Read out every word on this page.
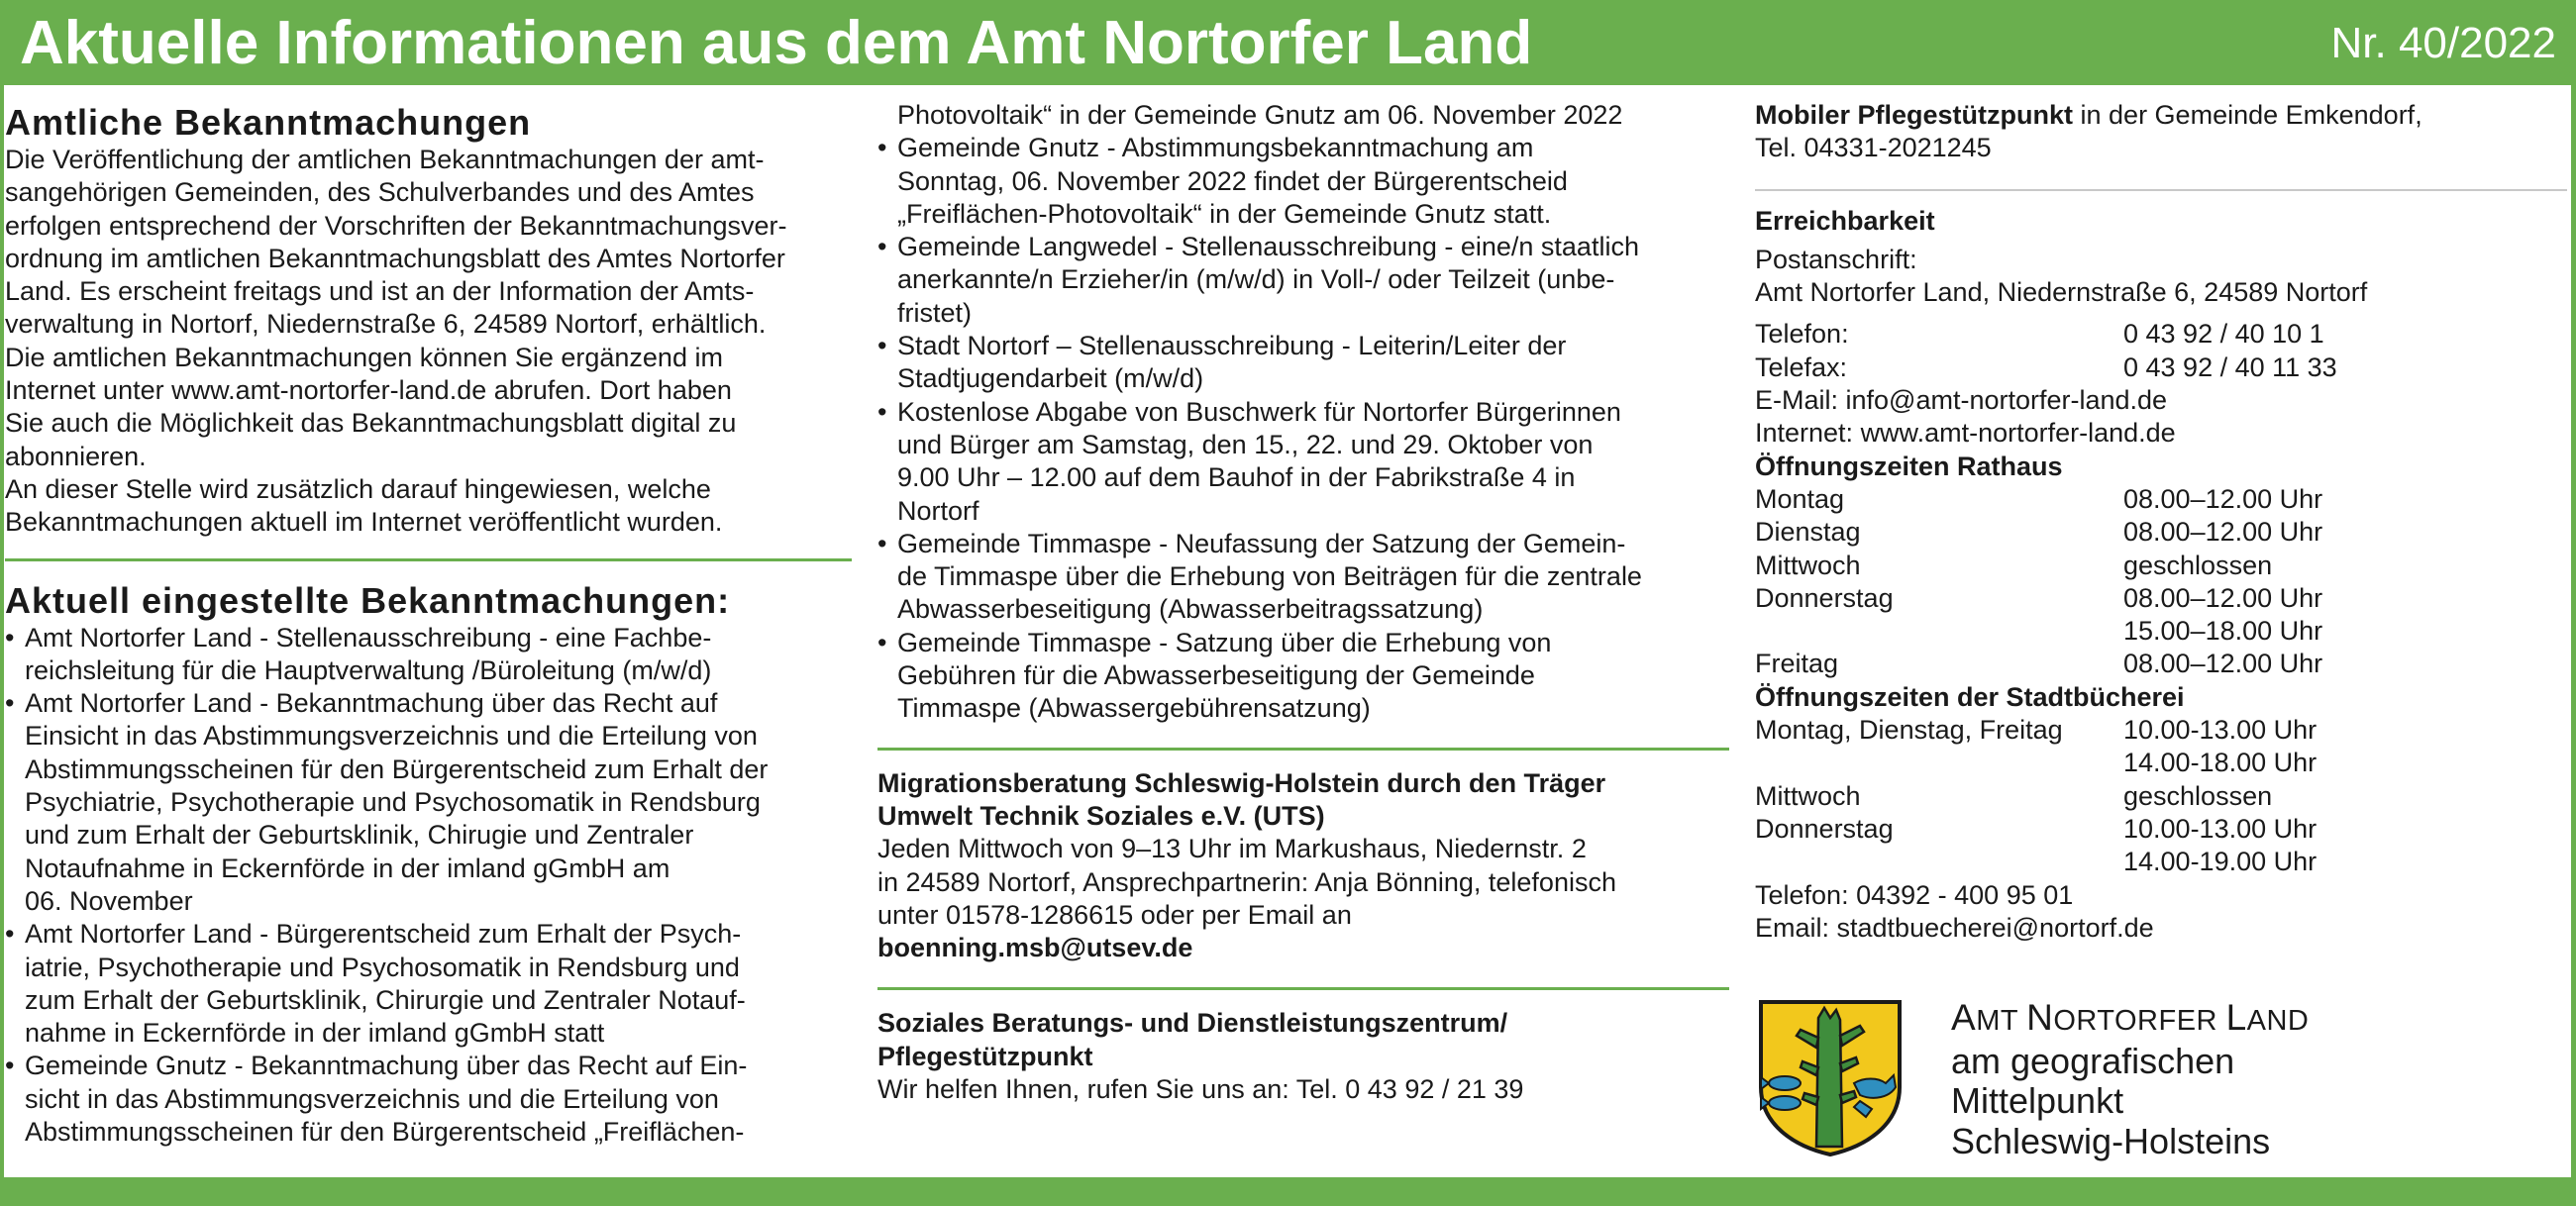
Aktuelle Informationen aus dem Amt Nortorfer Land	Nr. 40/2022
Amtliche Bekanntmachungen
Die Veröffentlichung der amtlichen Bekanntmachungen der amt-
sangehörigen Gemeinden, des Schulverbandes und des Amtes
erfolgen entsprechend der Vorschriften der Bekanntmachungsver-
ordnung im amtlichen Bekanntmachungsblatt des Amtes Nortorfer
Land. Es erscheint freitags und ist an der Information der Amts-
verwaltung in Nortorf, Niedernstraße 6, 24589 Nortorf, erhältlich.
Die amtlichen Bekanntmachungen können Sie ergänzend im
Internet unter www.amt-nortorfer-land.de abrufen. Dort haben
Sie auch die Möglichkeit das Bekanntmachungsblatt digital zu
abonnieren.
An dieser Stelle wird zusätzlich darauf hingewiesen, welche
Bekanntmachungen aktuell im Internet veröffentlicht wurden.
Aktuell eingestellte Bekanntmachungen:
• Amt Nortorfer Land - Stellenausschreibung - eine Fachbe-
reichsleitung für die Hauptverwaltung /Büroleitung (m/w/d)
• Amt Nortorfer Land - Bekanntmachung über das Recht auf
Einsicht in das Abstimmungsverzeichnis und die Erteilung von
Abstimmungsscheinen für den Bürgerentscheid zum Erhalt der
Psychiatrie, Psychotherapie und Psychosomatik in Rendsburg
und zum Erhalt der Geburtsklinik, Chirugie und Zentraler
Notaufnahme in Eckernförde in der imland gGmbH am
06. November
• Amt Nortorfer Land - Bürgerentscheid zum Erhalt der Psych-
iatrie, Psychotherapie und Psychosomatik in Rendsburg und
zum Erhalt der Geburtsklinik, Chirurgie und Zentraler Notauf-
nahme in Eckernförde in der imland gGmbH statt
• Gemeinde Gnutz - Bekanntmachung über das Recht auf Ein-
sicht in das Abstimmungsverzeichnis und die Erteilung von
Abstimmungsscheinen für den Bürgerentscheid „Freiflächen-
Photovoltaik“ in der Gemeinde Gnutz am 06. November 2022
• Gemeinde Gnutz - Abstimmungsbekanntmachung am
Sonntag, 06. November 2022 findet der Bürgerentscheid
„Freiflächen-Photovoltaik“ in der Gemeinde Gnutz statt.
• Gemeinde Langwedel - Stellenausschreibung - eine/n staatlich
anerkannte/n Erzieher/in (m/w/d) in Voll-/ oder Teilzeit (unbe-
fristet)
• Stadt Nortorf – Stellenausschreibung - Leiterin/Leiter der
Stadtjugendarbeit (m/w/d)
• Kostenlose Abgabe von Buschwerk für Nortorfer Bürgerinnen
und Bürger am Samstag, den 15., 22. und 29. Oktober von
9.00 Uhr – 12.00 auf dem Bauhof in der Fabrikstraße 4 in
Nortorf
• Gemeinde Timmaspe - Neufassung der Satzung der Gemein-
de Timmaspe über die Erhebung von Beiträgen für die zentrale
Abwasserbeseitigung (Abwasserbeitragssatzung)
• Gemeinde Timmaspe - Satzung über die Erhebung von
Gebühren für die Abwasserbeseitigung der Gemeinde
Timmaspe (Abwassergebührensatzung)
Migrationsberatung Schleswig-Holstein durch den Träger
Umwelt Technik Soziales e.V. (UTS)
Jeden Mittwoch von 9–13 Uhr im Markushaus, Niedernstr. 2
in 24589 Nortorf, Ansprechpartnerin: Anja Bönning, telefonisch
unter 01578-1286615 oder per Email an
boenning.msb@utsev.de
Soziales Beratungs- und Dienstleistungszentrum/
Pflegestützpunkt
Wir helfen Ihnen, rufen Sie uns an: Tel. 0 43 92 / 21 39
Mobiler Pflegestützpunkt in der Gemeinde Emkendorf,
Tel. 04331-2021245
Erreichbarkeit
Postanschrift:
Amt Nortorfer Land, Niedernstraße 6, 24589 Nortorf
Telefon:	0 43 92 / 40 10 1
Telefax:	0 43 92 / 40 11 33
E-Mail: info@amt-nortorfer-land.de
Internet: www.amt-nortorfer-land.de
Öffnungszeiten Rathaus
Montag	08.00–12.00 Uhr
Dienstag	08.00–12.00 Uhr
Mittwoch	geschlossen
Donnerstag	08.00–12.00 Uhr
15.00–18.00 Uhr
Freitag	08.00–12.00 Uhr
Öffnungszeiten der Stadtbücherei
Montag, Dienstag, Freitag	10.00-13.00 Uhr
14.00-18.00 Uhr
Mittwoch	geschlossen
Donnerstag	10.00-13.00 Uhr
14.00-19.00 Uhr
Telefon: 04392 - 400 95 01
Email: stadtbuecherei@nortorf.de
AMT NORTORFER LAND
am geografischen
Mittelpunkt
Schleswig-Holsteins
